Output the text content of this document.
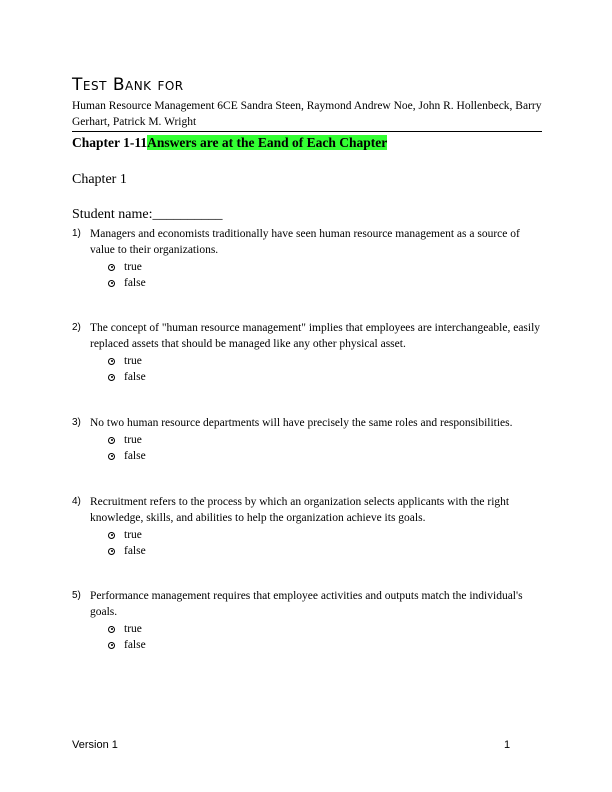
Test Bank for
Human Resource Management 6CE Sandra Steen, Raymond Andrew Noe, John R. Hollenbeck, Barry Gerhart, Patrick M. Wright
Chapter 1-11Answers are at the Eand of Each Chapter
Chapter 1
Student name:__________
1) Managers and economists traditionally have seen human resource management as a source of value to their organizations.
true
false
2) The concept of "human resource management" implies that employees are interchangeable, easily replaced assets that should be managed like any other physical asset.
true
false
3) No two human resource departments will have precisely the same roles and responsibilities.
true
false
4) Recruitment refers to the process by which an organization selects applicants with the right knowledge, skills, and abilities to help the organization achieve its goals.
true
false
5) Performance management requires that employee activities and outputs match the individual's goals.
true
false
Version 1	1
